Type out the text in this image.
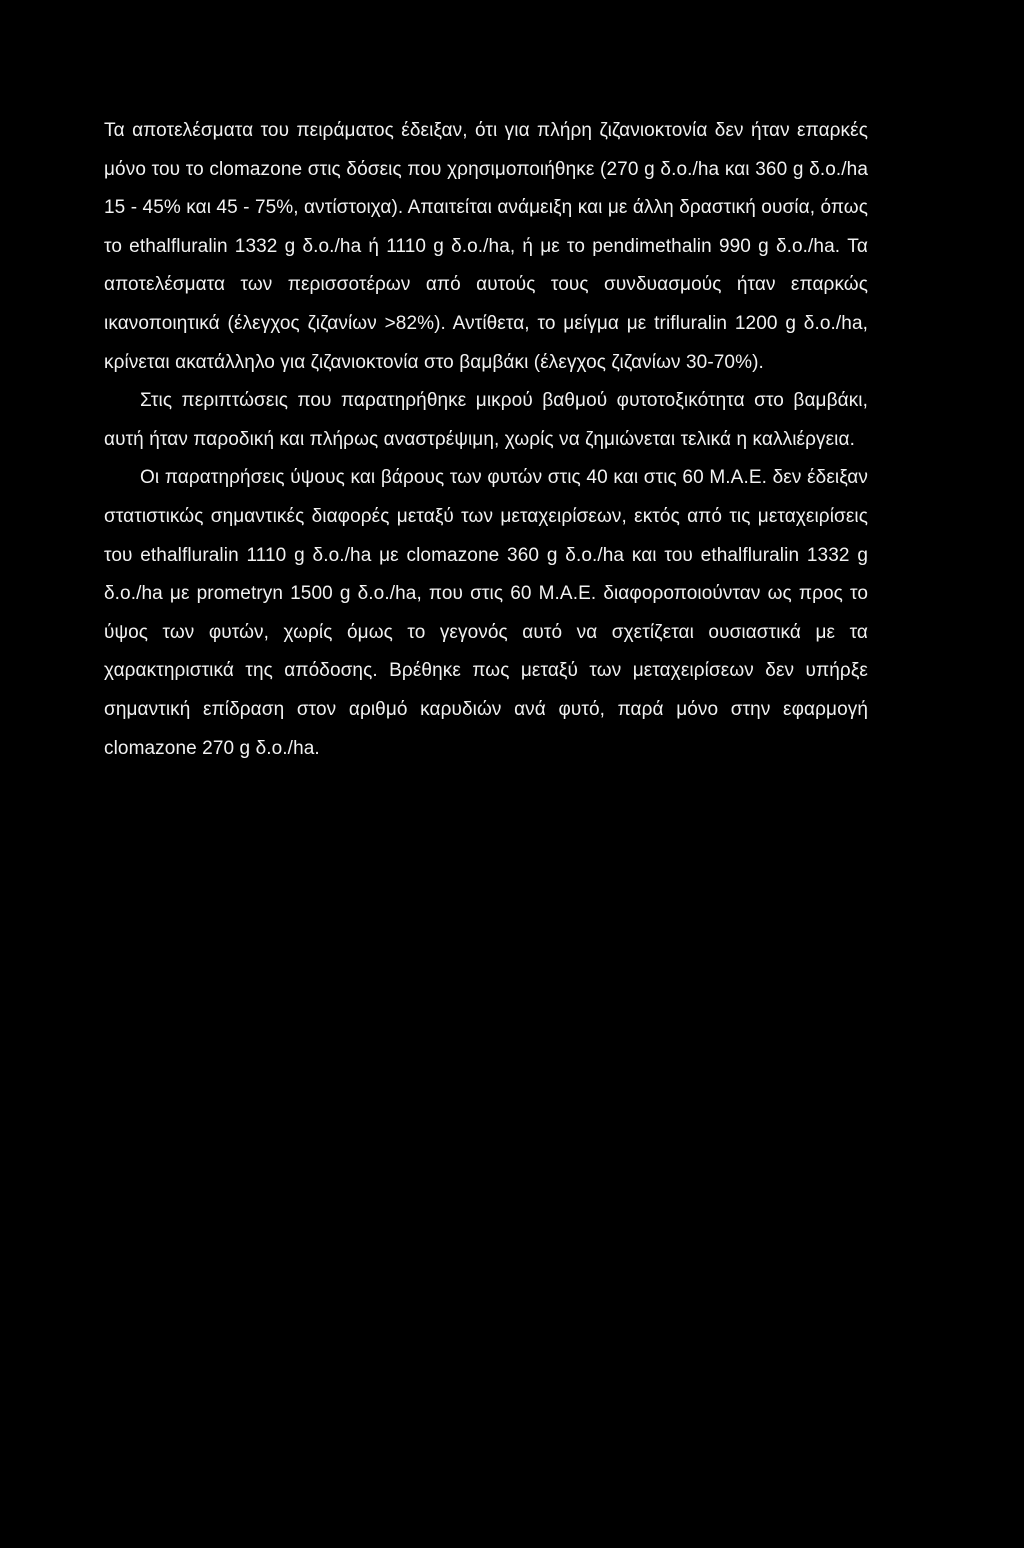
Τα αποτελέσματα του πειράματος έδειξαν, ότι για πλήρη ζιζανιοκτονία δεν ήταν επαρκές μόνο του το clomazone στις δόσεις που χρησιμοποιήθηκε (270 g δ.ο./ha και 360 g δ.ο./ha 15 - 45% και 45 - 75%, αντίστοιχα). Απαιτείται ανάμειξη και με άλλη δραστική ουσία, όπως το ethalfluralin 1332 g δ.ο./ha ή 1110 g δ.ο./ha, ή με το pendimethalin 990 g δ.ο./ha. Τα αποτελέσματα των περισσοτέρων από αυτούς τους συνδυασμούς ήταν επαρκώς ικανοποιητικά (έλεγχος ζιζανίων >82%). Αντίθετα, το μείγμα με trifluralin 1200 g δ.ο./ha, κρίνεται ακατάλληλο για ζιζανιοκτονία στο βαμβάκι (έλεγχος ζιζανίων 30-70%).

Στις περιπτώσεις που παρατηρήθηκε μικρού βαθμού φυτοτοξικότητα στο βαμβάκι, αυτή ήταν παροδική και πλήρως αναστρέψιμη, χωρίς να ζημιώνεται τελικά η καλλιέργεια.

Οι παρατηρήσεις ύψους και βάρους των φυτών στις 40 και στις 60 Μ.Α.Ε. δεν έδειξαν στατιστικώς σημαντικές διαφορές μεταξύ των μεταχειρίσεων, εκτός από τις μεταχειρίσεις του ethalfluralin 1110 g δ.ο./ha με clomazone 360 g δ.ο./ha και του ethalfluralin 1332 g δ.ο./ha με prometryn 1500 g δ.ο./ha, που στις 60 Μ.Α.Ε. διαφοροποιούνταν ως προς το ύψος των φυτών, χωρίς όμως το γεγονός αυτό να σχετίζεται ουσιαστικά με τα χαρακτηριστικά της απόδοσης. Βρέθηκε πως μεταξύ των μεταχειρίσεων δεν υπήρξε σημαντική επίδραση στον αριθμό καρυδιών ανά φυτό, παρά μόνο στην εφαρμογή clomazone 270 g δ.ο./ha.
